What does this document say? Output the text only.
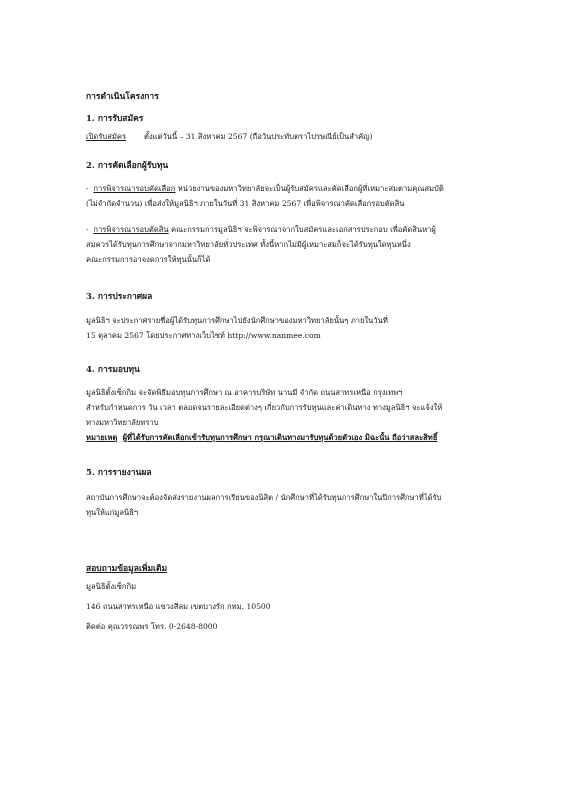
การดำเนินโครงการ
1. การรับสมัคร
เปิดรับสมัคร ตั้งแต่วันนี้ – 31 สิงหาคม 2567 (ถือวันประทับตราไปรษณีย์เป็นสำคัญ)
2. การคัดเลือกผู้รับทุน
- การพิจารณารอบคัดเลือก หน่วยงานของมหาวิทยาลัยจะเป็นผู้รับสมัครและคัดเลือกผู้ที่เหมาะสมตามคุณสมบัติ
(ไม่จำกัดจำนวน) เพื่อส่งให้มูลนิธิฯ ภายในวันที่ 31 สิงหาคม 2567 เพื่อพิจารณาคัดเลือกรอบตัดสิน
- การพิจารณารอบตัดสิน คณะกรรมการมูลนิธิฯ จะพิจารณาจากใบสมัครและเอกสารประกอบ เพื่อคัดสินหาผู้
สมควรได้รับทุนการศึกษาจากมหาวิทยาลัยทั่วประเทศ ทั้งนี้หากไม่มีผู้เหมาะสมก็จะได้รับทุนใดทุนหนึ่ง
คณะกรรมการอาจงดการให้ทุนนั้นก็ได้
3. การประกาศผล
มูลนิธิฯ จะประกาศรายชื่อผู้ได้รับทุนการศึกษาไปยังนักศึกษาของมหาวิทยาลัยนั้นๆ ภายในวันที่
15 ตุลาคม 2567 โดยประกาศทางเว็บไซท์ http://www.nanmee.com
4. การมอบทุน
มูลนิธิตั้งเซ็กกิม จะจัดพิธีมอบทุนการศึกษา ณ อาคารบริษัท นานมี จำกัด ถนนสาทรเหนือ กรุงเทพฯ
สำหรับกำหนดการ วัน เวลา ตลอดจนรายละเอียดต่างๆ เกี่ยวกับการรับทุนและค่าเดินทาง ทางมูลนิธิฯ จะแจ้งให้
ทางมหาวิทยาลัยทราบ
หมายเหตุ ผู้ที่ได้รับการคัดเลือกเข้ารับทุนการศึกษา กรุณาเดินทางมารับทุนด้วยตัวเอง มิฉะนั้น ถือว่าสละสิทธิ์
5. การรายงานผล
สถาบันการศึกษาจะต้องจัดส่งรายงานผลการเรียนของนิสิต / นักศึกษาที่ได้รับทุนการศึกษาในปีการศึกษาที่ได้รับ
ทุนให้แก่มูลนิธิฯ
สอบถามข้อมูลเพิ่มเติม
มูลนิธิตั้งเซ็กกิม
146 ถนนสาทรเหนือ แขวงสีลม เขตบางรัก กทม. 10500
ติดต่อ คุณวรรณพร โทร. 0-2648-8000
